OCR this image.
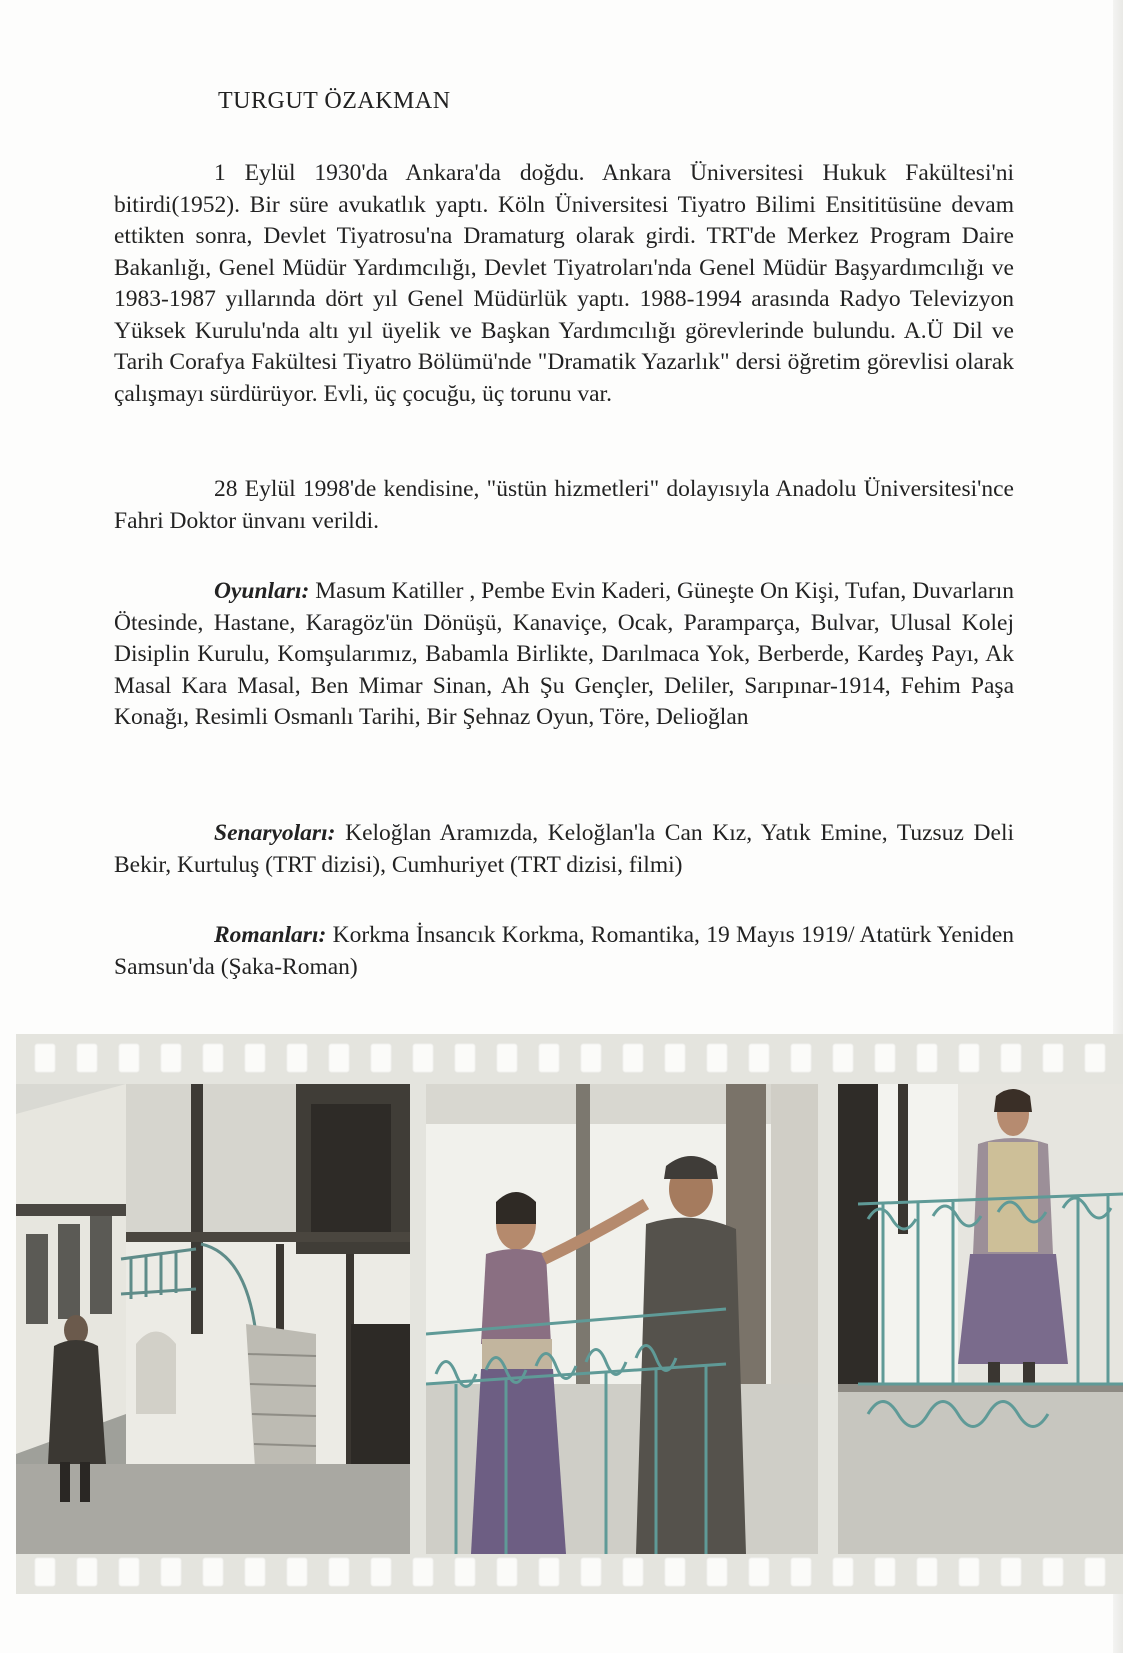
TURGUT ÖZAKMAN

1 Eylül 1930'da Ankara'da doğdu. Ankara Üniversitesi Hukuk Fakültesi'ni bitirdi(1952). Bir süre avukatlık yaptı. Köln Üniversitesi Tiyatro Bilimi Ensititüsüne devam ettikten sonra, Devlet Tiyatrosu'na Dramaturg olarak girdi. TRT'de Merkez Program Daire Bakanlığı, Genel Müdür Yardımcılığı, Devlet Tiyatroları'nda Genel Müdür Başyardımcılığı ve 1983-1987 yıllarında dört yıl Genel Müdürlük yaptı. 1988-1994 arasında Radyo Televizyon Yüksek Kurulu'nda altı yıl üyelik ve Başkan Yardımcılığı görevlerinde bulundu. A.Ü Dil ve Tarih Corafya Fakültesi Tiyatro Bölümü'nde "Dramatik Yazarlık" dersi öğretim görevlisi olarak çalışmayı sürdürüyor. Evli, üç çocuğu, üç torunu var.

28 Eylül 1998'de kendisine, "üstün hizmetleri" dolayısıyla Anadolu Üniversitesi'nce Fahri Doktor ünvanı verildi.

Oyunları: Masum Katiller , Pembe Evin Kaderi, Güneşte On Kişi, Tufan, Duvarların Ötesinde, Hastane, Karagöz'ün Dönüşü, Kanaviçe, Ocak, Paramparça, Bulvar, Ulusal Kolej Disiplin Kurulu, Komşularımız, Babamla Birlikte, Darılmaca Yok, Berberde, Kardeş Payı, Ak Masal Kara Masal, Ben Mimar Sinan, Ah Şu Gençler, Deliler, Sarıpınar-1914, Fehim Paşa Konağı, Resimli Osmanlı Tarihi, Bir Şehnaz Oyun, Töre, Delioğlan

Senaryoları: Keloğlan Aramızda, Keloğlan'la Can Kız, Yatık Emine, Tuzsuz Deli Bekir, Kurtuluş (TRT dizisi), Cumhuriyet (TRT dizisi, filmi)

Romanları: Korkma İnsancık Korkma, Romantika, 19 Mayıs 1919/ Atatürk Yeniden Samsun'da (Şaka-Roman)
